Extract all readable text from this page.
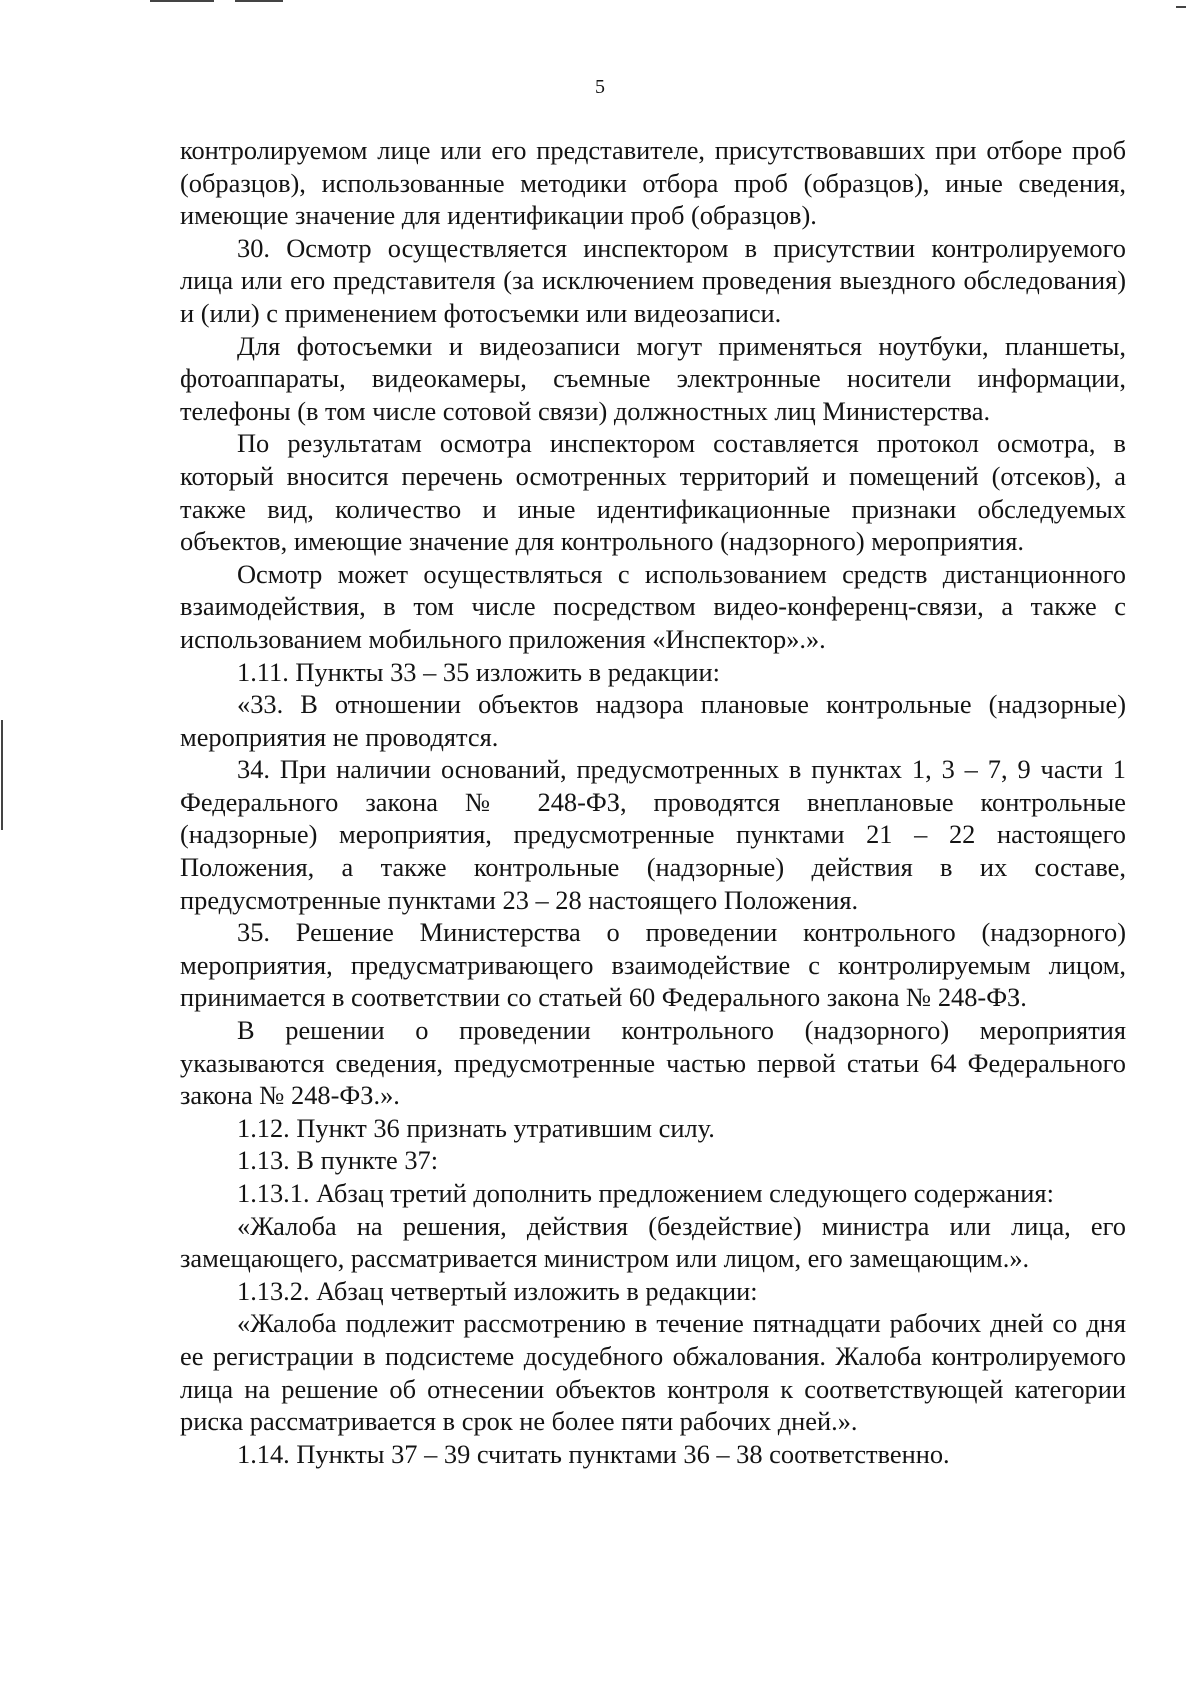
5

контролируемом лице или его представителе, присутствовавших при отборе проб (образцов), использованные методики отбора проб (образцов), иные сведения, имеющие значение для идентификации проб (образцов).

30. Осмотр осуществляется инспектором в присутствии контролируемого лица или его представителя (за исключением проведения выездного обследования) и (или) с применением фотосъемки или видеозаписи.

Для фотосъемки и видеозаписи могут применяться ноутбуки, планшеты, фотоаппараты, видеокамеры, съемные электронные носители информации, телефоны (в том числе сотовой связи) должностных лиц Министерства.

По результатам осмотра инспектором составляется протокол осмотра, в который вносится перечень осмотренных территорий и помещений (отсеков), а также вид, количество и иные идентификационные признаки обследуемых объектов, имеющие значение для контрольного (надзорного) мероприятия.

Осмотр может осуществляться с использованием средств дистанционного взаимодействия, в том числе посредством видео-конференц-связи, а также с использованием мобильного приложения «Инспектор».».

1.11. Пункты 33 – 35 изложить в редакции:

«33. В отношении объектов надзора плановые контрольные (надзорные) мероприятия не проводятся.

34. При наличии оснований, предусмотренных в пунктах 1, 3 – 7, 9 части 1 Федерального закона № 248-ФЗ, проводятся внеплановые контрольные (надзорные) мероприятия, предусмотренные пунктами 21 – 22 настоящего Положения, а также контрольные (надзорные) действия в их составе, предусмотренные пунктами 23 – 28 настоящего Положения.

35. Решение Министерства о проведении контрольного (надзорного) мероприятия, предусматривающего взаимодействие с контролируемым лицом, принимается в соответствии со статьей 60 Федерального закона № 248-ФЗ.

В решении о проведении контрольного (надзорного) мероприятия указываются сведения, предусмотренные частью первой статьи 64 Федерального закона № 248-ФЗ.».

1.12. Пункт 36 признать утратившим силу.

1.13. В пункте 37:

1.13.1. Абзац третий дополнить предложением следующего содержания:

«Жалоба на решения, действия (бездействие) министра или лица, его замещающего, рассматривается министром или лицом, его замещающим.».

1.13.2. Абзац четвертый изложить в редакции:

«Жалоба подлежит рассмотрению в течение пятнадцати рабочих дней со дня ее регистрации в подсистеме досудебного обжалования. Жалоба контролируемого лица на решение об отнесении объектов контроля к соответствующей категории риска рассматривается в срок не более пяти рабочих дней.».

1.14. Пункты 37 – 39 считать пунктами 36 – 38 соответственно.
